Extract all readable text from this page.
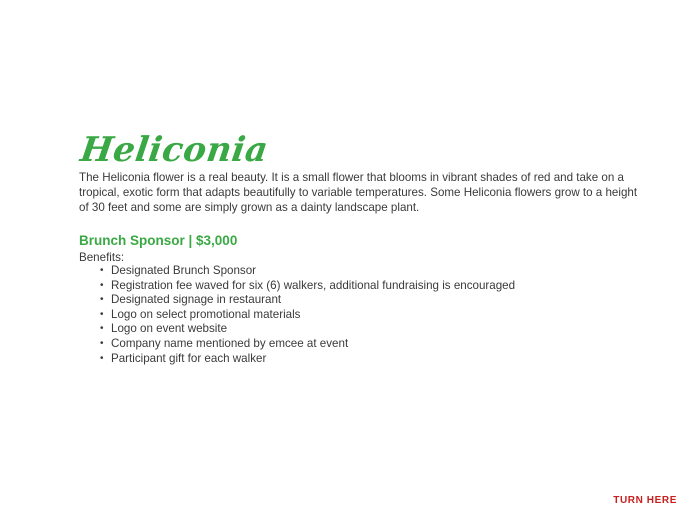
Heliconia

The Heliconia flower is a real beauty. It is a small flower that blooms in vibrant shades of red and take on a tropical, exotic form that adapts beautifully to variable temperatures. Some Heliconia flowers grow to a height of 30 feet and some are simply grown as a dainty landscape plant.

Brunch Sponsor | $3,000

Benefits:

• Designated Brunch Sponsor
• Registration fee waved for six (6) walkers, additional fundraising is encouraged
• Designated signage in restaurant
• Logo on select promotional materials
• Logo on event website
• Company name mentioned by emcee at event
• Participant gift for each walker

TURN HERE
